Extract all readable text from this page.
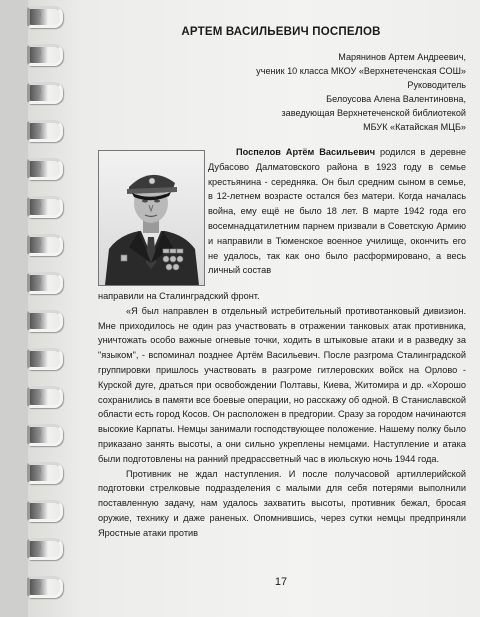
АРТЕМ ВАСИЛЬЕВИЧ ПОСПЕЛОВ
Марянинов Артем Андреевич,
ученик 10 класса МКОУ «Верхнетеченская СОШ»
Руководитель
Белоусова Алена Валентиновна,
заведующая Верхнетеченской библиотекой
МБУК «Катайская МЦБ»

Поспелов Артём Васильевич родился в деревне Дубасово Далматовского района в 1923 году в семье крестьянина - середняка. Он был средним сыном в семье, в 12-летнем возрасте остался без матери. Когда началась война, ему ещё не было 18 лет. В марте 1942 года его восемнадцатилетним парнем призвали в Советскую Армию и направили в Тюменское военное училище, окончить его не удалось, так как оно было расформировано, а весь личный состав

направили на Сталинградский фронт.

«Я был направлен в отдельный истребительный противотанковый дивизион. Мне приходилось не один раз участвовать в отражении танковых атак противника, уничтожать особо важные огневые точки, ходить в штыковые атаки и в разведку за "языком", - вспоминал позднее Артём Васильевич. После разгрома Сталинградской группировки пришлось участвовать в разгроме гитлеровских войск на Орлово - Курской дуге, драться при освобождении Полтавы, Киева, Житомира и др. «Хорошо сохранились в памяти все боевые операции, но расскажу об одной. В Станиславской области есть город Косов. Он расположен в предгории. Сразу за городом начинаются высокие Карпаты. Немцы занимали господствующее положение. Нашему полку было приказано занять высоты, а они сильно укреплены немцами. Наступление и атака были подготовлены на ранний предрассветный час в июльскую ночь 1944 года.

Противник не ждал наступления. И после получасовой артиллерийской подготовки стрелковые подразделения с малыми для себя потерями выполнили поставленную задачу, нам удалось захватить высоты, противник бежал, бросая оружие, технику и даже раненых. Опомнившись, через сутки немцы предприняли Яростные атаки против

17
